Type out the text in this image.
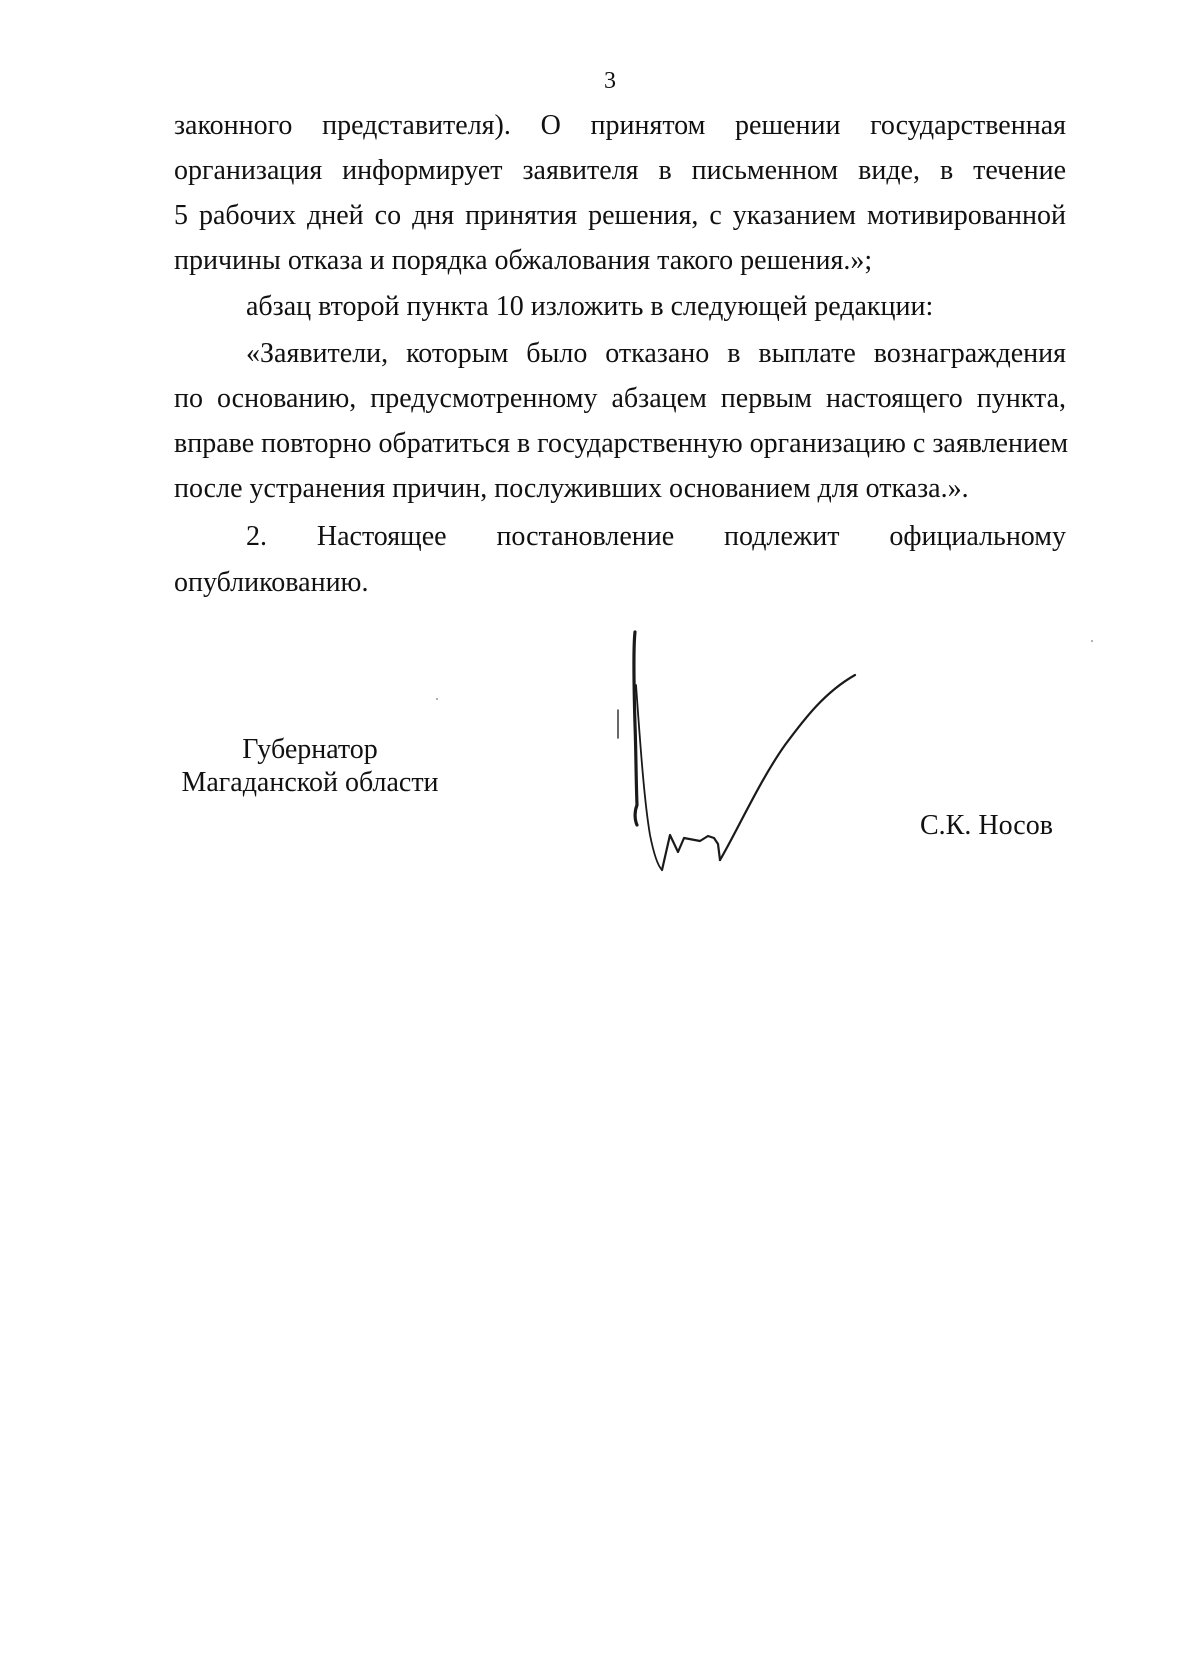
3
законного представителя). О принятом решении государственная
организация информирует заявителя в письменном виде, в течение
5 рабочих дней со дня принятия решения, с указанием мотивированной
причины отказа и порядка обжалования такого решения.»;
абзац второй пункта 10 изложить в следующей редакции:
«Заявители, которым было отказано в выплате вознаграждения
по основанию, предусмотренному абзацем первым настоящего пункта,
вправе повторно обратиться в государственную организацию с заявлением
после устранения причин, послуживших основанием для отказа.».
2. Настоящее постановление подлежит официальному
опубликованию.
Губернатор
Магаданской области
С.К. Носов
